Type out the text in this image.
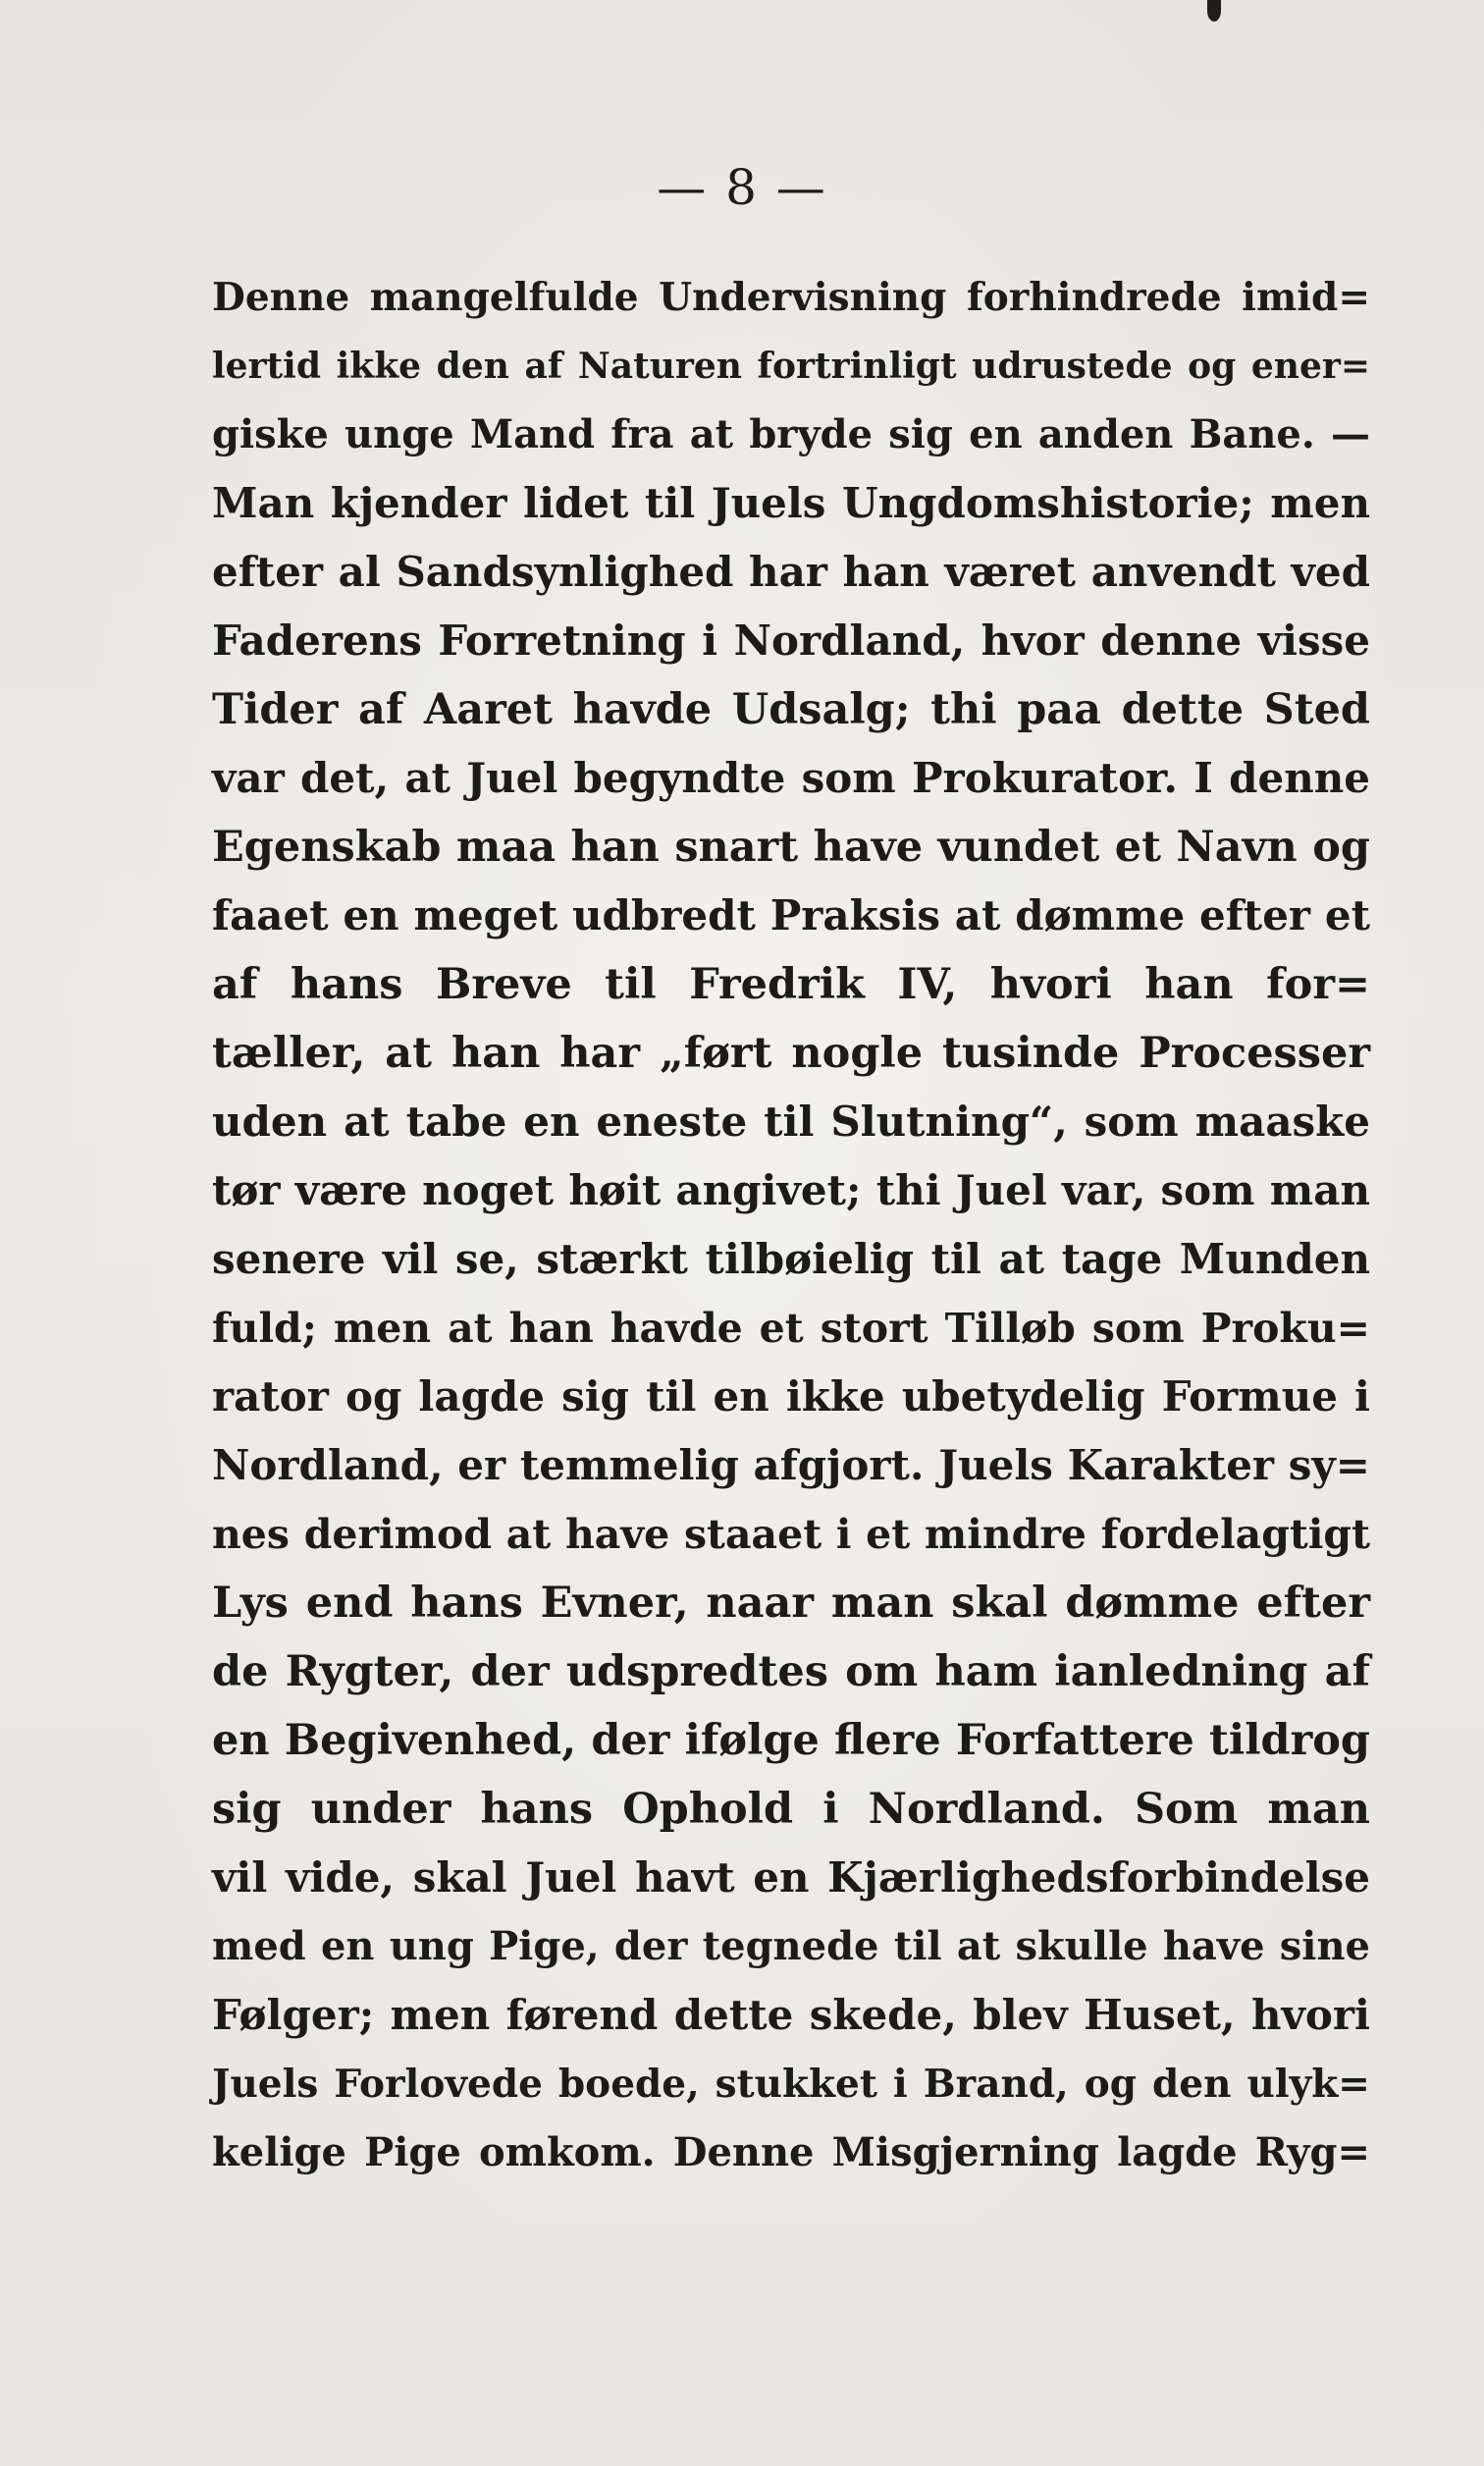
— 8 —
Denne mangelfulde Undervisning forhindrede imid=
lertid ikke den af Naturen fortrinligt udrustede og ener=
giske unge Mand fra at bryde sig en anden Bane. —
Man kjender lidet til Juels Ungdomshistorie; men
efter al Sandsynlighed har han været anvendt ved
Faderens Forretning i Nordland, hvor denne visse
Tider af Aaret havde Udsalg; thi paa dette Sted
var det, at Juel begyndte som Prokurator. I denne
Egenskab maa han snart have vundet et Navn og
faaet en meget udbredt Praksis at dømme efter et
af hans Breve til Fredrik IV, hvori han for=
tæller, at han har „ført nogle tusinde Processer
uden at tabe en eneste til Slutning“, som maaske
tør være noget høit angivet; thi Juel var, som man
senere vil se, stærkt tilbøielig til at tage Munden
fuld; men at han havde et stort Tilløb som Proku=
rator og lagde sig til en ikke ubetydelig Formue i
Nordland, er temmelig afgjort. Juels Karakter sy=
nes derimod at have staaet i et mindre fordelagtigt
Lys end hans Evner, naar man skal dømme efter
de Rygter, der udspredtes om ham ianledning af
en Begivenhed, der ifølge flere Forfattere tildrog
sig under hans Ophold i Nordland. Som man
vil vide, skal Juel havt en Kjærlighedsforbindelse
med en ung Pige, der tegnede til at skulle have sine
Følger; men førend dette skede, blev Huset, hvori
Juels Forlovede boede, stukket i Brand, og den ulyk=
kelige Pige omkom. Denne Misgjerning lagde Ryg=
